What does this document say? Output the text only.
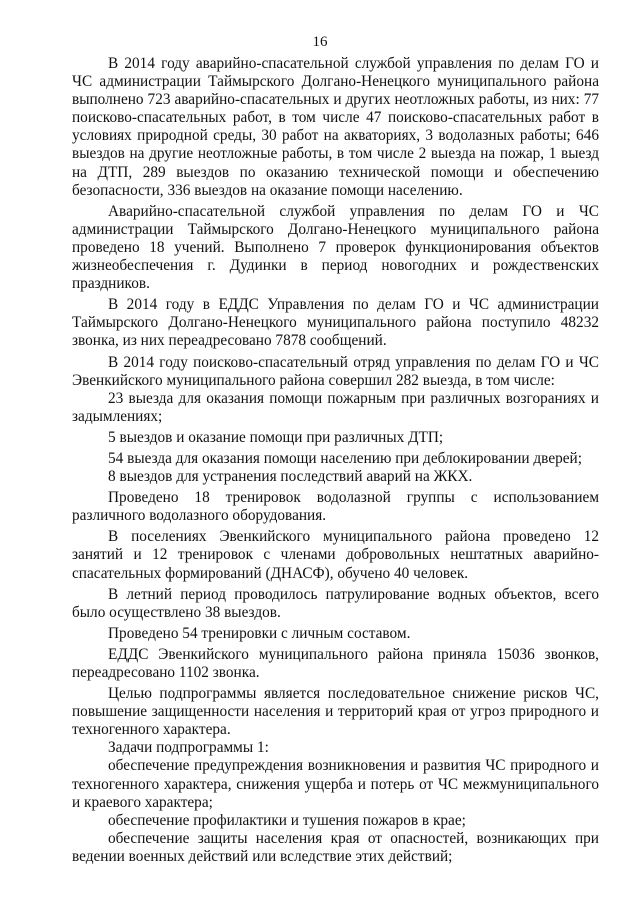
16

В 2014 году аварийно-спасательной службой управления по делам ГО и ЧС администрации Таймырского Долгано-Ненецкого муниципального района выполнено 723 аварийно-спасательных и других неотложных работы, из них: 77 поисково-спасательных работ, в том числе 47 поисково-спасательных работ в условиях природной среды, 30 работ на акваториях, 3 водолазных работы; 646 выездов на другие неотложные работы, в том числе 2 выезда на пожар, 1 выезд на ДТП, 289 выездов по оказанию технической помощи и обеспечению безопасности, 336 выездов на оказание помощи населению.

Аварийно-спасательной службой управления по делам ГО и ЧС администрации Таймырского Долгано-Ненецкого муниципального района проведено 18 учений. Выполнено 7 проверок функционирования объектов жизнеобеспечения г. Дудинки в период новогодних и рождественских праздников.

В 2014 году в ЕДДС Управления по делам ГО и ЧС администрации Таймырского Долгано-Ненецкого муниципального района поступило 48232 звонка, из них переадресовано 7878 сообщений.

В 2014 году поисково-спасательный отряд управления по делам ГО и ЧС Эвенкийского муниципального района совершил 282 выезда, в том числе:

23 выезда для оказания помощи пожарным при различных возгораниях и задымлениях;

5 выездов и оказание помощи при различных ДТП;

54 выезда для оказания помощи населению при деблокировании дверей;

8 выездов для устранения последствий аварий на ЖКХ.

Проведено 18 тренировок водолазной группы с использованием различного водолазного оборудования.

В поселениях Эвенкийского муниципального района проведено 12 занятий и 12 тренировок с членами добровольных нештатных аварийно-спасательных формирований (ДНАСФ), обучено 40 человек.

В летний период проводилось патрулирование водных объектов, всего было осуществлено 38 выездов.

Проведено 54 тренировки с личным составом.

ЕДДС Эвенкийского муниципального района приняла 15036 звонков, переадресовано 1102 звонка.

Целью подпрограммы является последовательное снижение рисков ЧС, повышение защищенности населения и территорий края от угроз природного и техногенного характера.

Задачи подпрограммы 1:

обеспечение предупреждения возникновения и развития ЧС природного и техногенного характера, снижения ущерба и потерь от ЧС межмуниципального и краевого характера;

обеспечение профилактики и тушения пожаров в крае;

обеспечение защиты населения края от опасностей, возникающих при ведении военных действий или вследствие этих действий;
